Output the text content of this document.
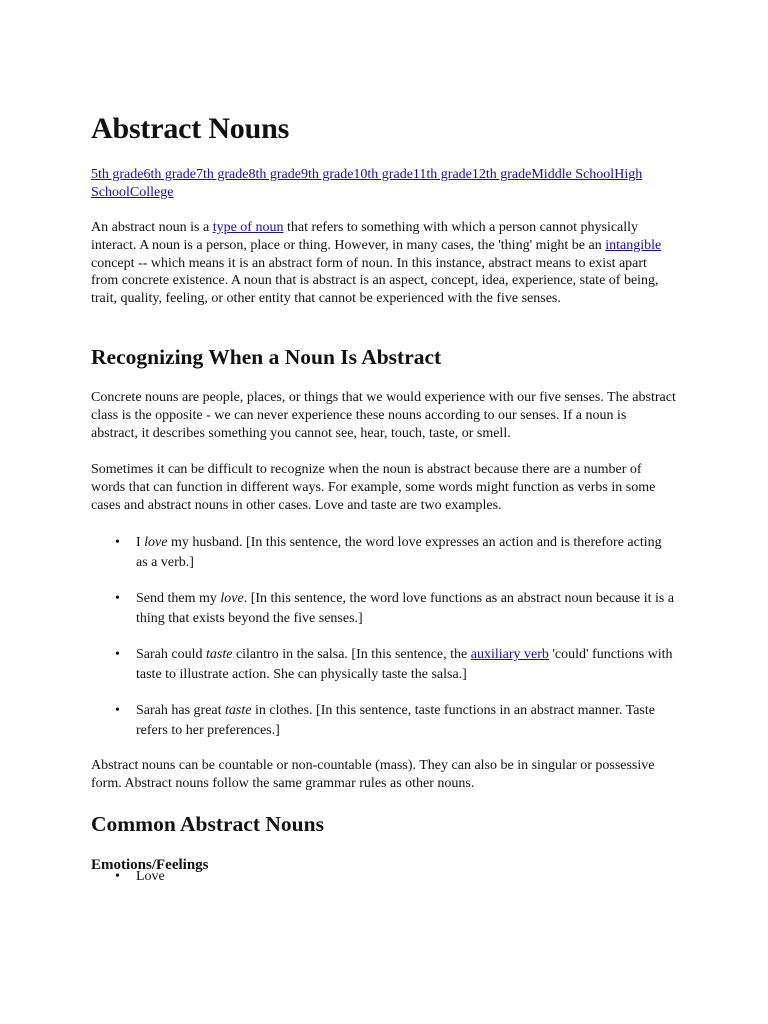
Abstract Nouns
5th grade6th grade7th grade8th grade9th grade10th grade11th grade12th gradeMiddle SchoolHigh SchoolCollege

An abstract noun is a type of noun that refers to something with which a person cannot physically interact. A noun is a person, place or thing. However, in many cases, the 'thing' might be an intangible concept -- which means it is an abstract form of noun. In this instance, abstract means to exist apart from concrete existence. A noun that is abstract is an aspect, concept, idea, experience, state of being, trait, quality, feeling, or other entity that cannot be experienced with the five senses.

Recognizing When a Noun Is Abstract

Concrete nouns are people, places, or things that we would experience with our five senses. The abstract class is the opposite - we can never experience these nouns according to our senses. If a noun is abstract, it describes something you cannot see, hear, touch, taste, or smell.

Sometimes it can be difficult to recognize when the noun is abstract because there are a number of words that can function in different ways. For example, some words might function as verbs in some cases and abstract nouns in other cases. Love and taste are two examples.

• I love my husband. [In this sentence, the word love expresses an action and is therefore acting as a verb.]
• Send them my love. [In this sentence, the word love functions as an abstract noun because it is a thing that exists beyond the five senses.]
• Sarah could taste cilantro in the salsa. [In this sentence, the auxiliary verb 'could' functions with taste to illustrate action. She can physically taste the salsa.]
• Sarah has great taste in clothes. [In this sentence, taste functions in an abstract manner. Taste refers to her preferences.]

Abstract nouns can be countable or non-countable (mass). They can also be in singular or possessive form. Abstract nouns follow the same grammar rules as other nouns.

Common Abstract Nouns
Emotions/Feelings
• Love
